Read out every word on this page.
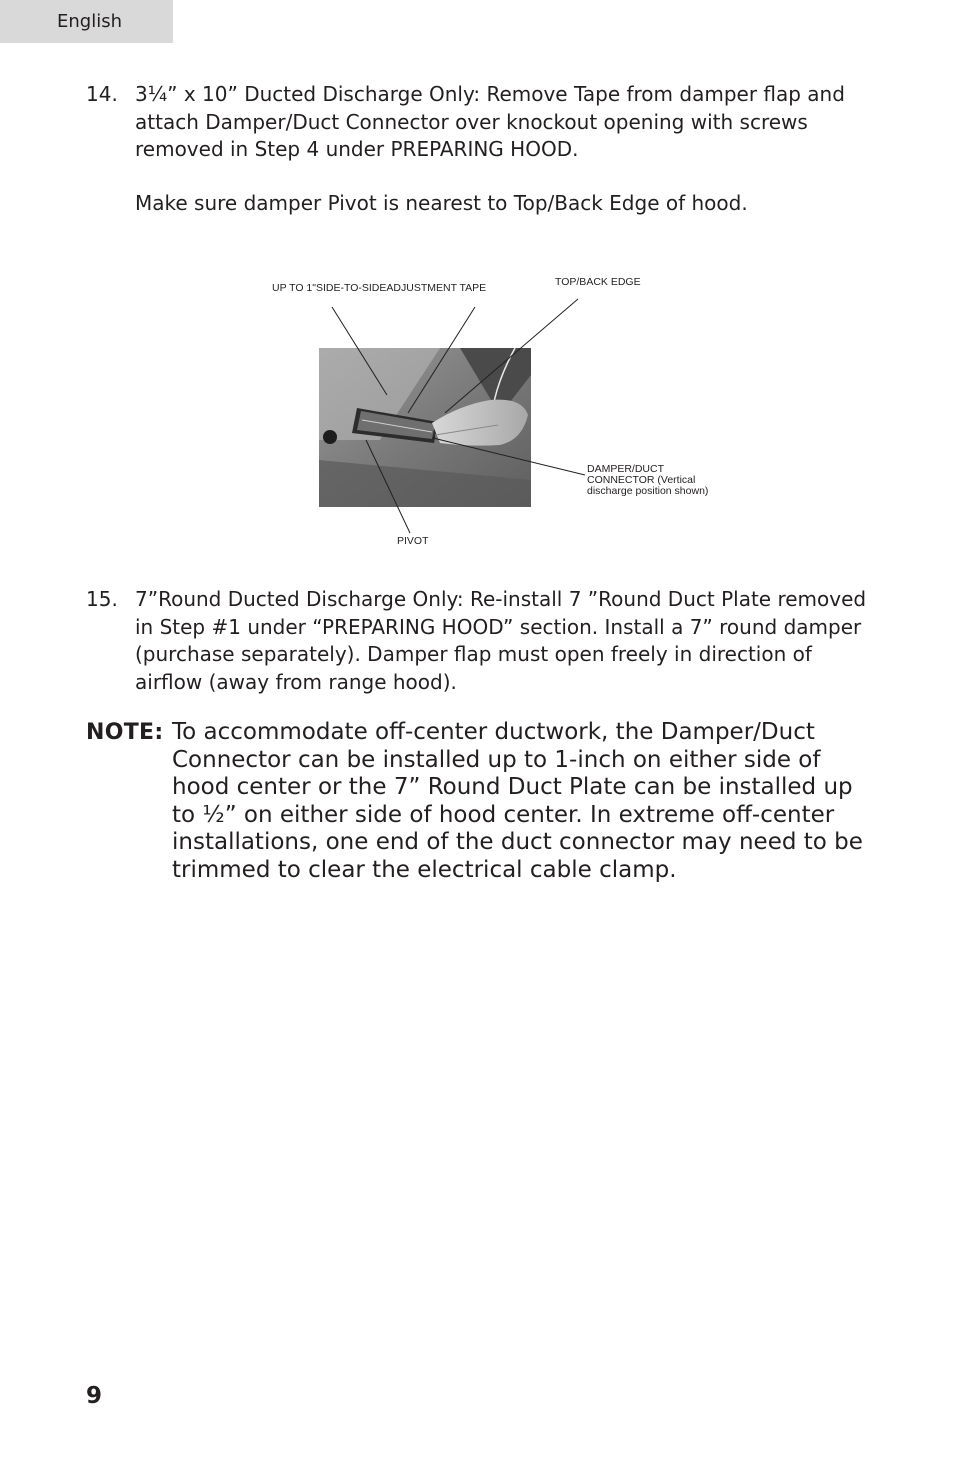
English
14. 3¼” x 10” Ducted Discharge Only: Remove Tape from damper flap and attach Damper/Duct Connector over knockout opening with screws removed in Step 4 under PREPARING HOOD.
Make sure damper Pivot is nearest to Top/Back Edge of hood.
UP TO 1"SIDE-TO-SIDEADJUSTMENT TAPE	TOP/BACK EDGE
DAMPER/DUCT CONNECTOR (Vertical discharge position shown)
PIVOT
15. 7”Round Ducted Discharge Only: Re-install 7 ”Round Duct Plate removed in Step #1 under “PREPARING HOOD” section. Install a 7” round damper (purchase separately). Damper flap must open freely in direction of airflow (away from range hood).
NOTE: To accommodate off-center ductwork, the Damper/Duct Connector can be installed up to 1-inch on either side of hood center or the 7” Round Duct Plate can be installed up to ½” on either side of hood center. In extreme off-center installations, one end of the duct connector may need to be trimmed to clear the electrical cable clamp.
9
